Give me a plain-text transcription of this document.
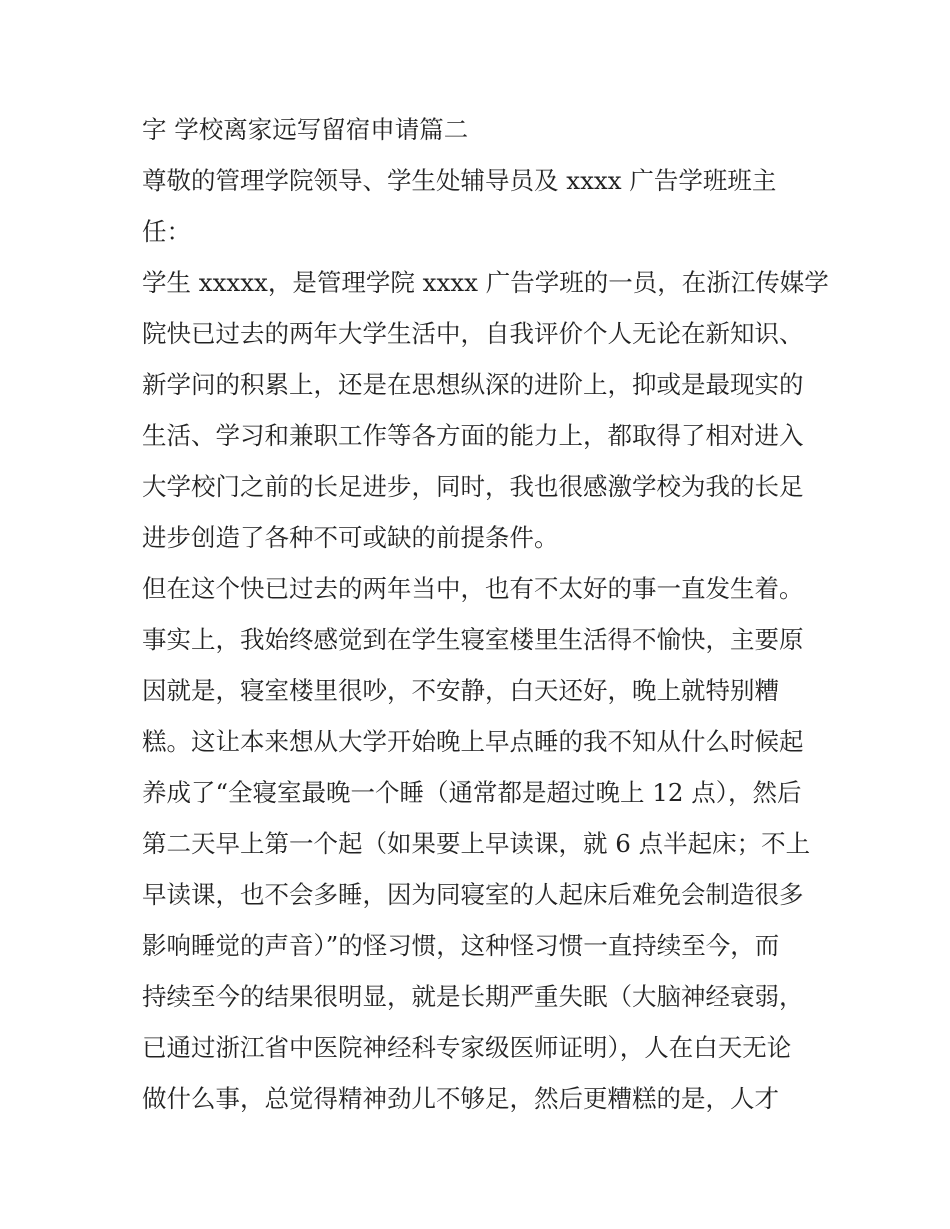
字 学校离家远写留宿申请篇二

尊敬的管理学院领导、学生处辅导员及 xxxx 广告学班班主

任：

学生 xxxxx，是管理学院 xxxx 广告学班的一员，在浙江传媒学

院快已过去的两年大学生活中，自我评价个人无论在新知识、

新学问的积累上，还是在思想纵深的进阶上，抑或是最现实的

生活、学习和兼职工作等各方面的能力上，都取得了相对进入

大学校门之前的长足进步，同时，我也很感激学校为我的长足

进步创造了各种不可或缺的前提条件。

但在这个快已过去的两年当中，也有不太好的事一直发生着。

事实上，我始终感觉到在学生寝室楼里生活得不愉快，主要原

因就是，寝室楼里很吵，不安静，白天还好，晚上就特别糟

糕。这让本来想从大学开始晚上早点睡的我不知从什么时候起

养成了“全寝室最晚一个睡（通常都是超过晚上 12 点），然后

第二天早上第一个起（如果要上早读课，就 6 点半起床；不上

早读课，也不会多睡，因为同寝室的人起床后难免会制造很多

影响睡觉的声音）”的怪习惯，这种怪习惯一直持续至今，而

持续至今的结果很明显，就是长期严重失眠（大脑神经衰弱，

已通过浙江省中医院神经科专家级医师证明），人在白天无论

做什么事，总觉得精神劲儿不够足，然后更糟糕的是，人才
